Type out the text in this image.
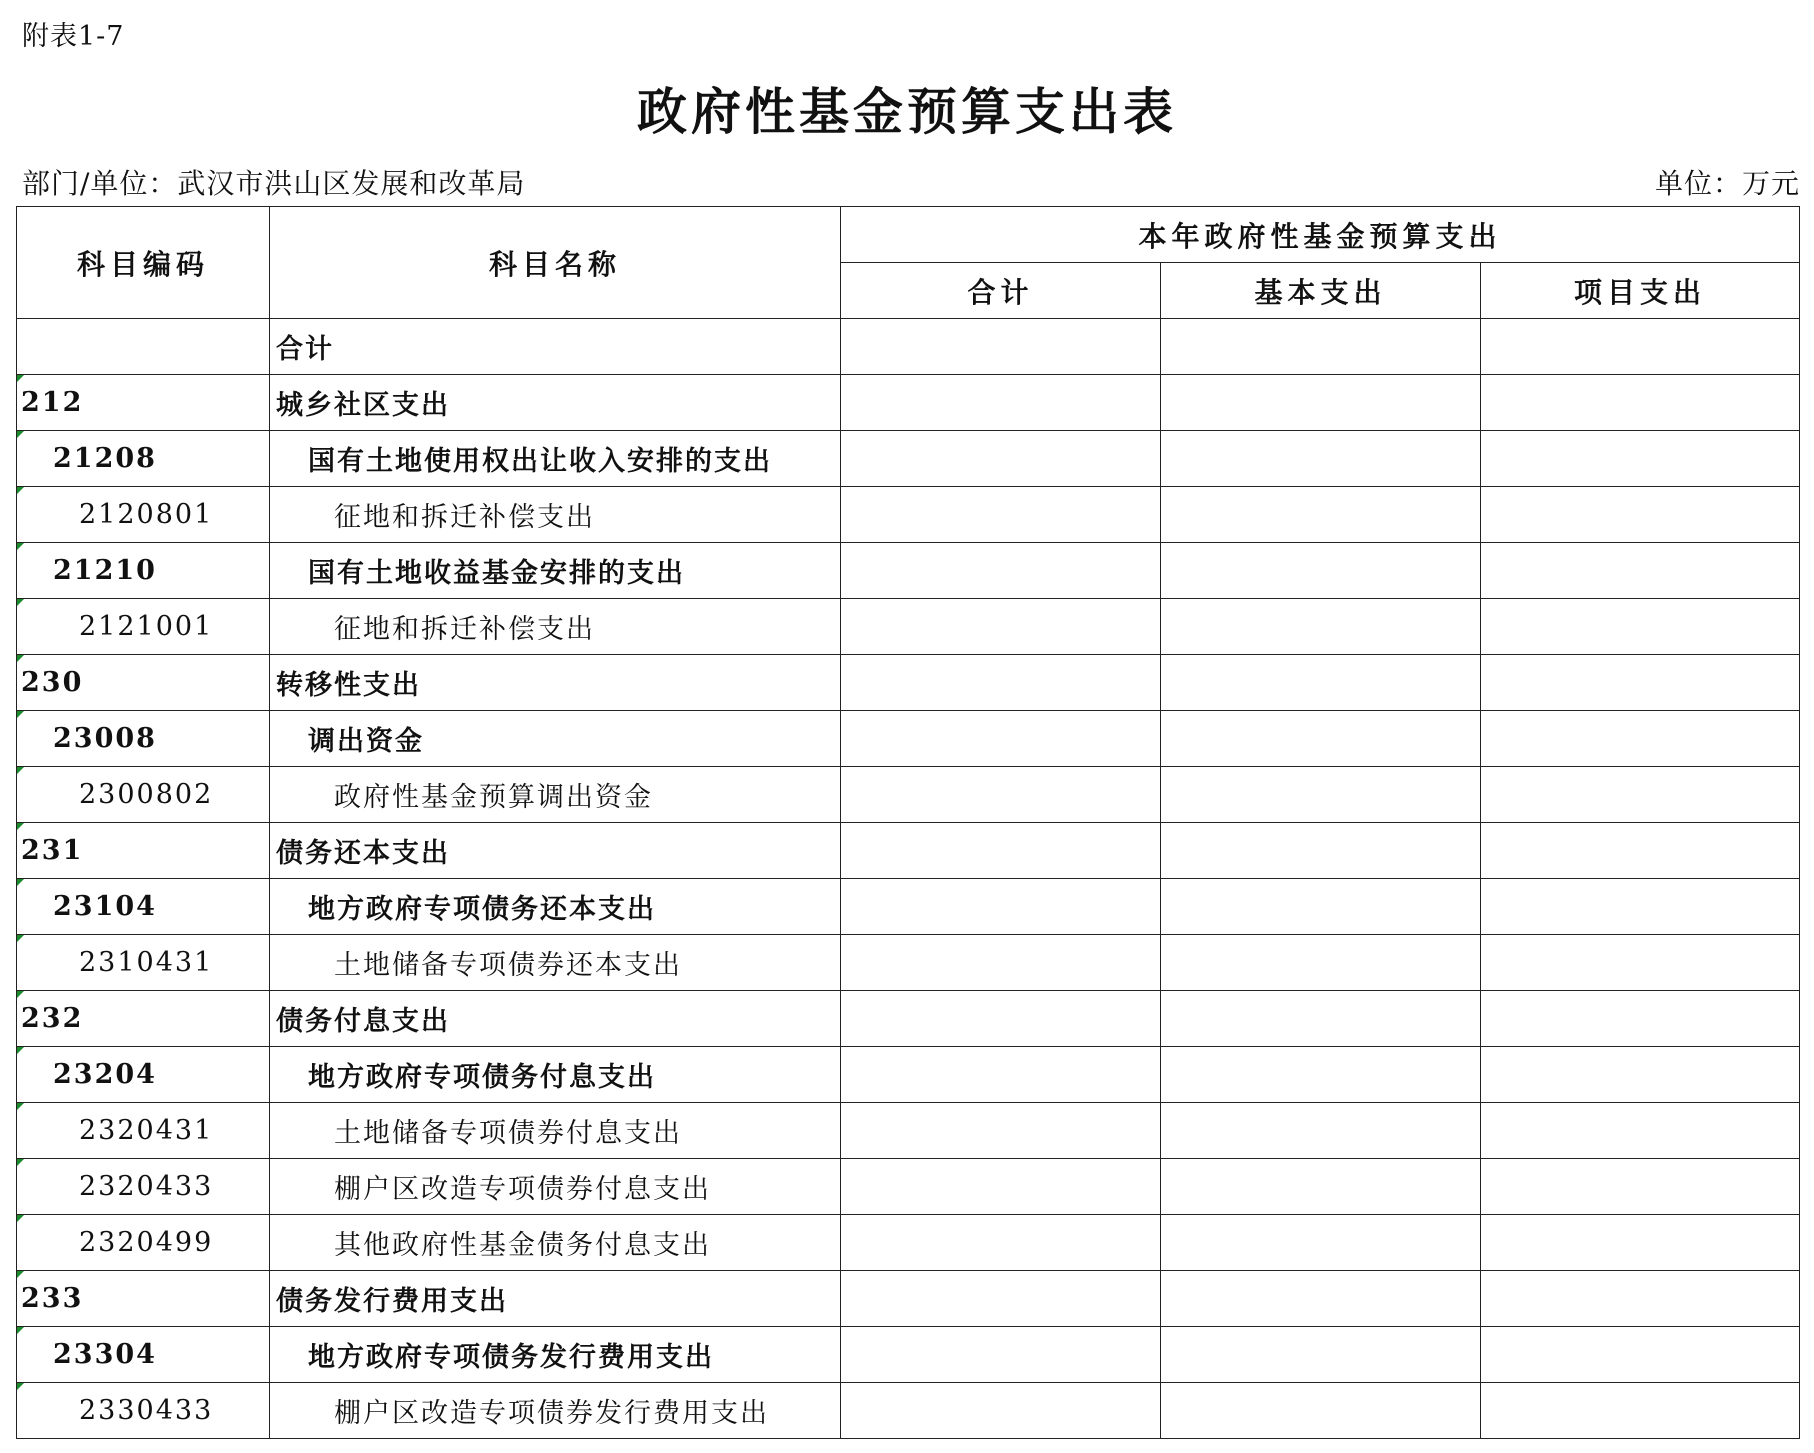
附表1-7
政府性基金预算支出表
部门/单位：武汉市洪山区发展和改革局	单位：万元
科目编码	科目名称	本年政府性基金预算支出		
		合计	基本支出	项目支出
	合计			

212	城乡社区支出			

21208	国有土地使用权出让收入安排的支出			

2120801	征地和拆迁补偿支出			

21210	国有土地收益基金安排的支出			

2121001	征地和拆迁补偿支出			

230	转移性支出			

23008	调出资金			

2300802	政府性基金预算调出资金			

231	债务还本支出			

23104	地方政府专项债务还本支出			

2310431	土地储备专项债券还本支出			

232	债务付息支出			

23204	地方政府专项债务付息支出			

2320431	土地储备专项债券付息支出			

2320433	棚户区改造专项债券付息支出			

2320499	其他政府性基金债务付息支出			

233	债务发行费用支出			

23304	地方政府专项债务发行费用支出			

2330433	棚户区改造专项债券发行费用支出			
